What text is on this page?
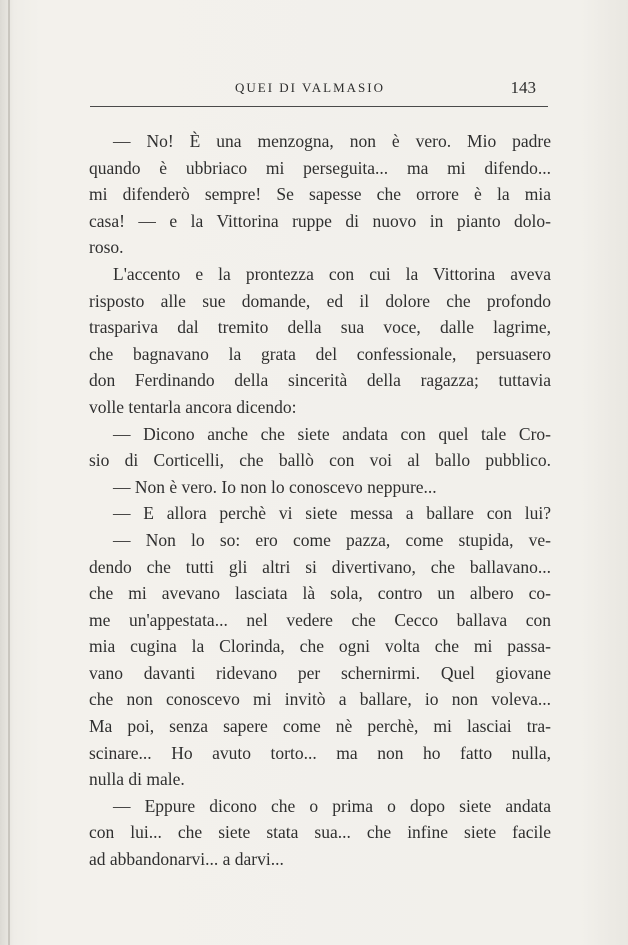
QUEI DI VALMASIO	143
— No! È una menzogna, non è vero. Mio padre
quando è ubbriaco mi perseguita... ma mi difendo...
mi difenderò sempre! Se sapesse che orrore è la mia
casa! — e la Vittorina ruppe di nuovo in pianto dolo-
roso.
L'accento e la prontezza con cui la Vittorina aveva
risposto alle sue domande, ed il dolore che profondo
traspariva dal tremito della sua voce, dalle lagrime,
che bagnavano la grata del confessionale, persuasero
don Ferdinando della sincerità della ragazza; tuttavia
volle tentarla ancora dicendo:
— Dicono anche che siete andata con quel tale Cro-
sio di Corticelli, che ballò con voi al ballo pubblico.
— Non è vero. Io non lo conoscevo neppure...
— E allora perchè vi siete messa a ballare con lui?
— Non lo so: ero come pazza, come stupida, ve-
dendo che tutti gli altri si divertivano, che ballavano...
che mi avevano lasciata là sola, contro un albero co-
me un'appestata... nel vedere che Cecco ballava con
mia cugina la Clorinda, che ogni volta che mi passa-
vano davanti ridevano per schernirmi. Quel giovane
che non conoscevo mi invitò a ballare, io non voleva...
Ma poi, senza sapere come nè perchè, mi lasciai tra-
scinare... Ho avuto torto... ma non ho fatto nulla,
nulla di male.
— Eppure dicono che o prima o dopo siete andata
con lui... che siete stata sua... che infine siete facile
ad abbandonarvi... a darvi...
